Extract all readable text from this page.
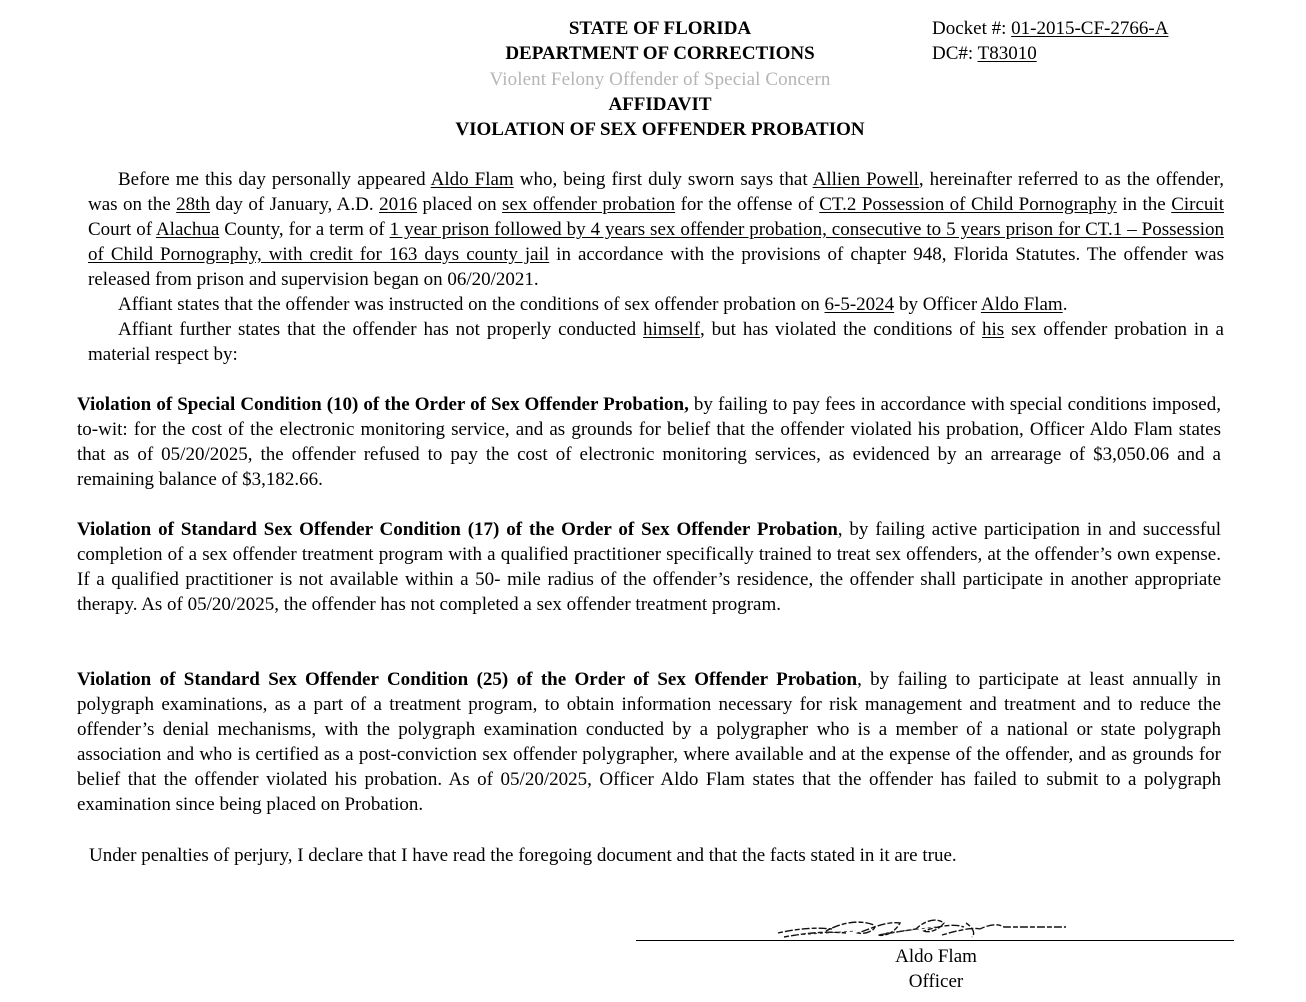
STATE OF FLORIDA
DEPARTMENT OF CORRECTIONS
Violent Felony Offender of Special Concern
AFFIDAVIT
VIOLATION OF SEX OFFENDER PROBATION
Docket #: 01-2015-CF-2766-A
DC#: T83010

Before me this day personally appeared Aldo Flam who, being first duly sworn says that Allien Powell, hereinafter referred to as the offender, was on the 28th day of January, A.D. 2016 placed on sex offender probation for the offense of CT.2 Possession of Child Pornography in the Circuit Court of Alachua County, for a term of 1 year prison followed by 4 years sex offender probation, consecutive to 5 years prison for CT.1 – Possession of Child Pornography, with credit for 163 days county jail in accordance with the provisions of chapter 948, Florida Statutes. The offender was released from prison and supervision began on 06/20/2021.

Affiant states that the offender was instructed on the conditions of sex offender probation on 6-5-2024 by Officer Aldo Flam.

Affiant further states that the offender has not properly conducted himself, but has violated the conditions of his sex offender probation in a material respect by:

Violation of Special Condition (10) of the Order of Sex Offender Probation, by failing to pay fees in accordance with special conditions imposed, to-wit: for the cost of the electronic monitoring service, and as grounds for belief that the offender violated his probation, Officer Aldo Flam states that as of 05/20/2025, the offender refused to pay the cost of electronic monitoring services, as evidenced by an arrearage of $3,050.06 and a remaining balance of $3,182.66.

Violation of Standard Sex Offender Condition (17) of the Order of Sex Offender Probation, by failing active participation in and successful completion of a sex offender treatment program with a qualified practitioner specifically trained to treat sex offenders, at the offender’s own expense. If a qualified practitioner is not available within a 50- mile radius of the offender’s residence, the offender shall participate in another appropriate therapy. As of 05/20/2025, the offender has not completed a sex offender treatment program.

Violation of Standard Sex Offender Condition (25) of the Order of Sex Offender Probation, by failing to participate at least annually in polygraph examinations, as a part of a treatment program, to obtain information necessary for risk management and treatment and to reduce the offender’s denial mechanisms, with the polygraph examination conducted by a polygrapher who is a member of a national or state polygraph association and who is certified as a post-conviction sex offender polygrapher, where available and at the expense of the offender, and as grounds for belief that the offender violated his probation. As of 05/20/2025, Officer Aldo Flam states that the offender has failed to submit to a polygraph examination since being placed on Probation.

Under penalties of perjury, I declare that I have read the foregoing document and that the facts stated in it are true.

Aldo Flam
Officer
